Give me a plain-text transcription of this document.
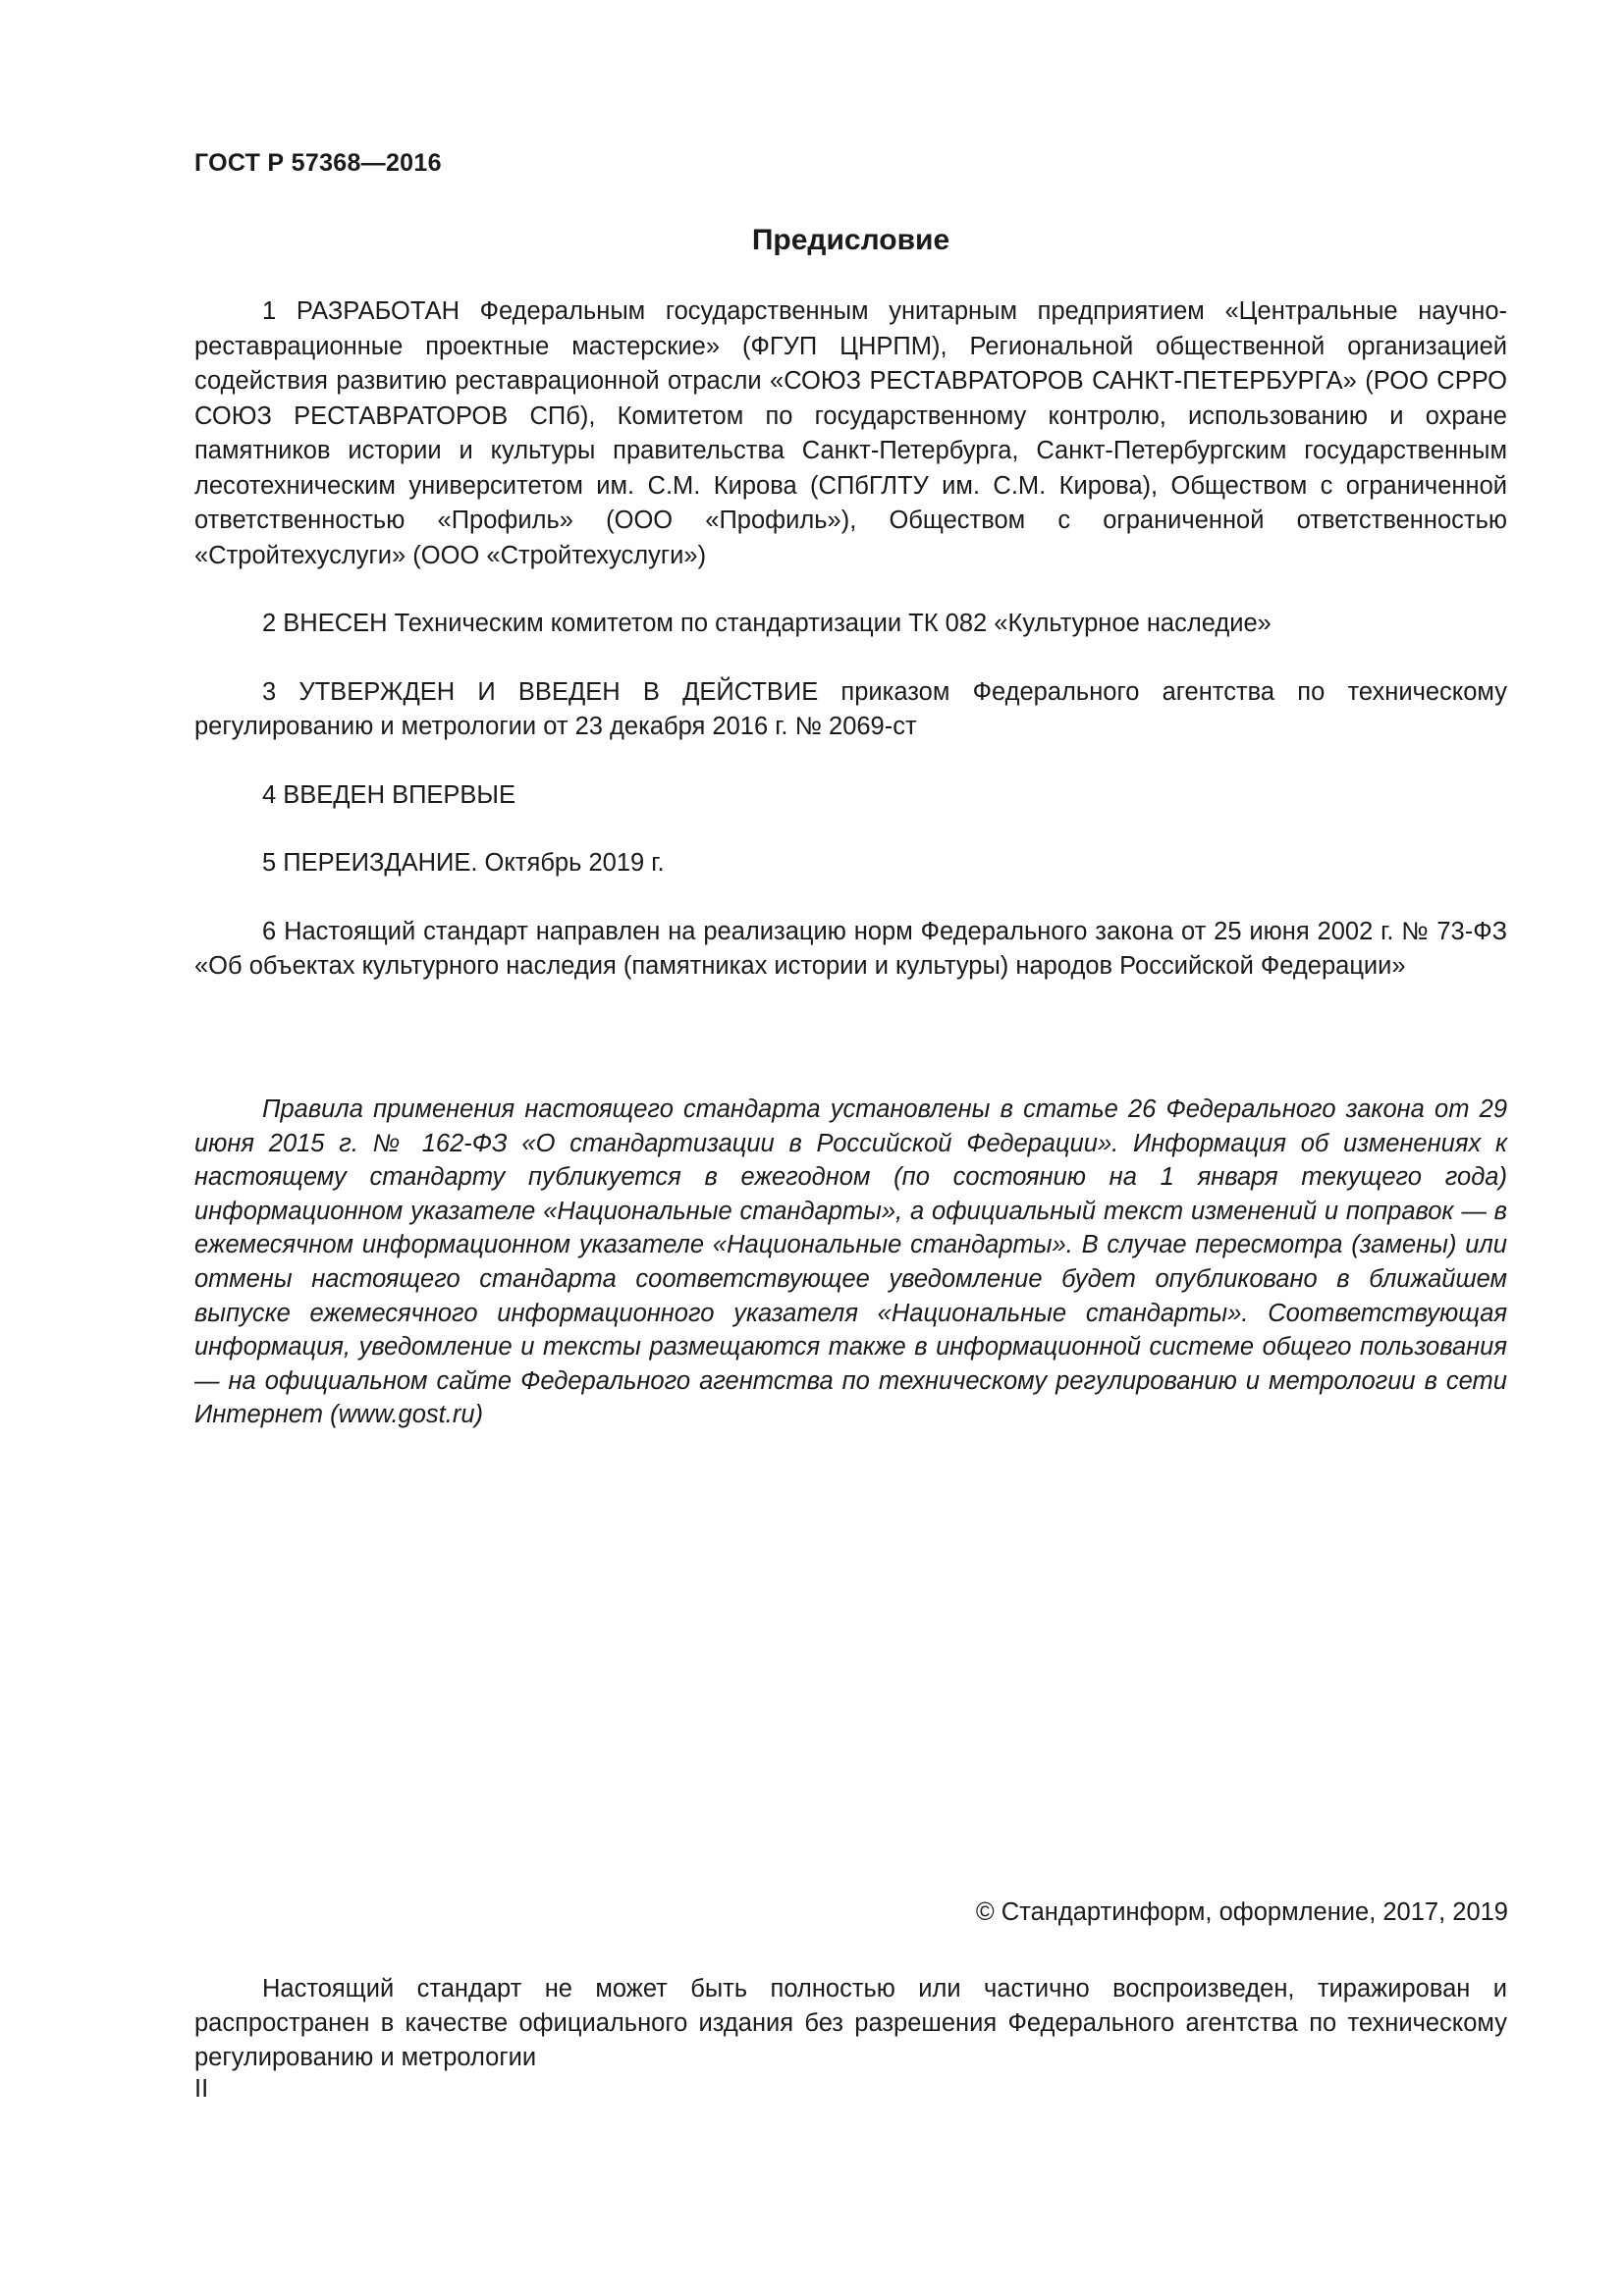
ГОСТ Р 57368—2016
Предисловие

1 РАЗРАБОТАН Федеральным государственным унитарным предприятием «Центральные научно-реставрационные проектные мастерские» (ФГУП ЦНРПМ), Региональной общественной организацией содействия развитию реставрационной отрасли «СОЮЗ РЕСТАВРАТОРОВ САНКТ-ПЕТЕРБУРГА» (РОО СРРО СОЮЗ РЕСТАВРАТОРОВ СПб), Комитетом по государственному контролю, использованию и охране памятников истории и культуры правительства Санкт-Петербурга, Санкт-Петербургским государственным лесотехническим университетом им. С.М. Кирова (СПбГЛТУ им. С.М. Кирова), Обществом с ограниченной ответственностью «Профиль» (ООО «Профиль»), Обществом с ограниченной ответственностью «Стройтехуслуги» (ООО «Стройтехуслуги»)

2 ВНЕСЕН Техническим комитетом по стандартизации ТК 082 «Культурное наследие»

3 УТВЕРЖДЕН И ВВЕДЕН В ДЕЙСТВИЕ приказом Федерального агентства по техническому регулированию и метрологии от 23 декабря 2016 г. № 2069-ст

4 ВВЕДЕН ВПЕРВЫЕ

5 ПЕРЕИЗДАНИЕ. Октябрь 2019 г.

6 Настоящий стандарт направлен на реализацию норм Федерального закона от 25 июня 2002 г. № 73-ФЗ «Об объектах культурного наследия (памятниках истории и культуры) народов Российской Федерации»

Правила применения настоящего стандарта установлены в статье 26 Федерального закона от 29 июня 2015 г. № 162-ФЗ «О стандартизации в Российской Федерации». Информация об изменениях к настоящему стандарту публикуется в ежегодном (по состоянию на 1 января текущего года) информационном указателе «Национальные стандарты», а официальный текст изменений и поправок — в ежемесячном информационном указателе «Национальные стандарты». В случае пересмотра (замены) или отмены настоящего стандарта соответствующее уведомление будет опубликовано в ближайшем выпуске ежемесячного информационного указателя «Национальные стандарты». Соответствующая информация, уведомление и тексты размещаются также в информационной системе общего пользования — на официальном сайте Федерального агентства по техническому регулированию и метрологии в сети Интернет (www.gost.ru)

© Стандартинформ, оформление, 2017, 2019

Настоящий стандарт не может быть полностью или частично воспроизведен, тиражирован и распространен в качестве официального издания без разрешения Федерального агентства по техническому регулированию и метрологии

II
